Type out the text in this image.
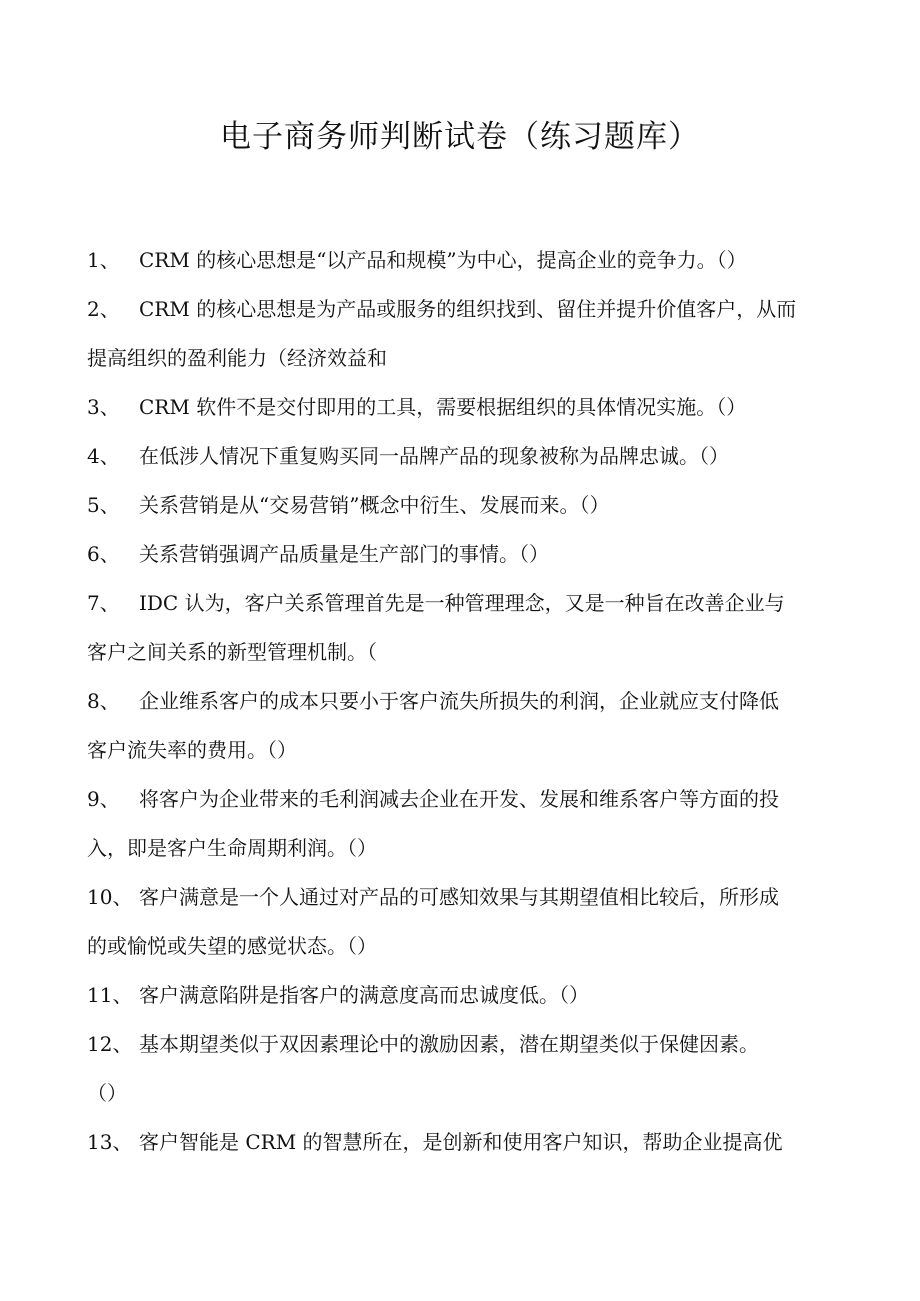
电子商务师判断试卷（练习题库）
1、 CRM 的核心思想是“以产品和规模”为中心，提高企业的竞争力。（）
2、 CRM 的核心思想是为产品或服务的组织找到、留住并提升价值客户，从而
提高组织的盈利能力（经济效益和
3、 CRM 软件不是交付即用的工具，需要根据组织的具体情况实施。（）
4、 在低涉人情况下重复购买同一品牌产品的现象被称为品牌忠诚。（）
5、 关系营销是从“交易营销”概念中衍生、发展而来。（）
6、 关系营销强调产品质量是生产部门的事情。（）
7、 IDC 认为，客户关系管理首先是一种管理理念，又是一种旨在改善企业与
客户之间关系的新型管理机制。（
8、 企业维系客户的成本只要小于客户流失所损失的利润，企业就应支付降低
客户流失率的费用。（）
9、 将客户为企业带来的毛利润减去企业在开发、发展和维系客户等方面的投
入，即是客户生命周期利润。（）
10、 客户满意是一个人通过对产品的可感知效果与其期望值相比较后，所形成
的或愉悦或失望的感觉状态。（）
11、 客户满意陷阱是指客户的满意度高而忠诚度低。（）
12、 基本期望类似于双因素理论中的激励因素，潜在期望类似于保健因素。
（）
13、 客户智能是 CRM 的智慧所在，是创新和使用客户知识，帮助企业提高优
